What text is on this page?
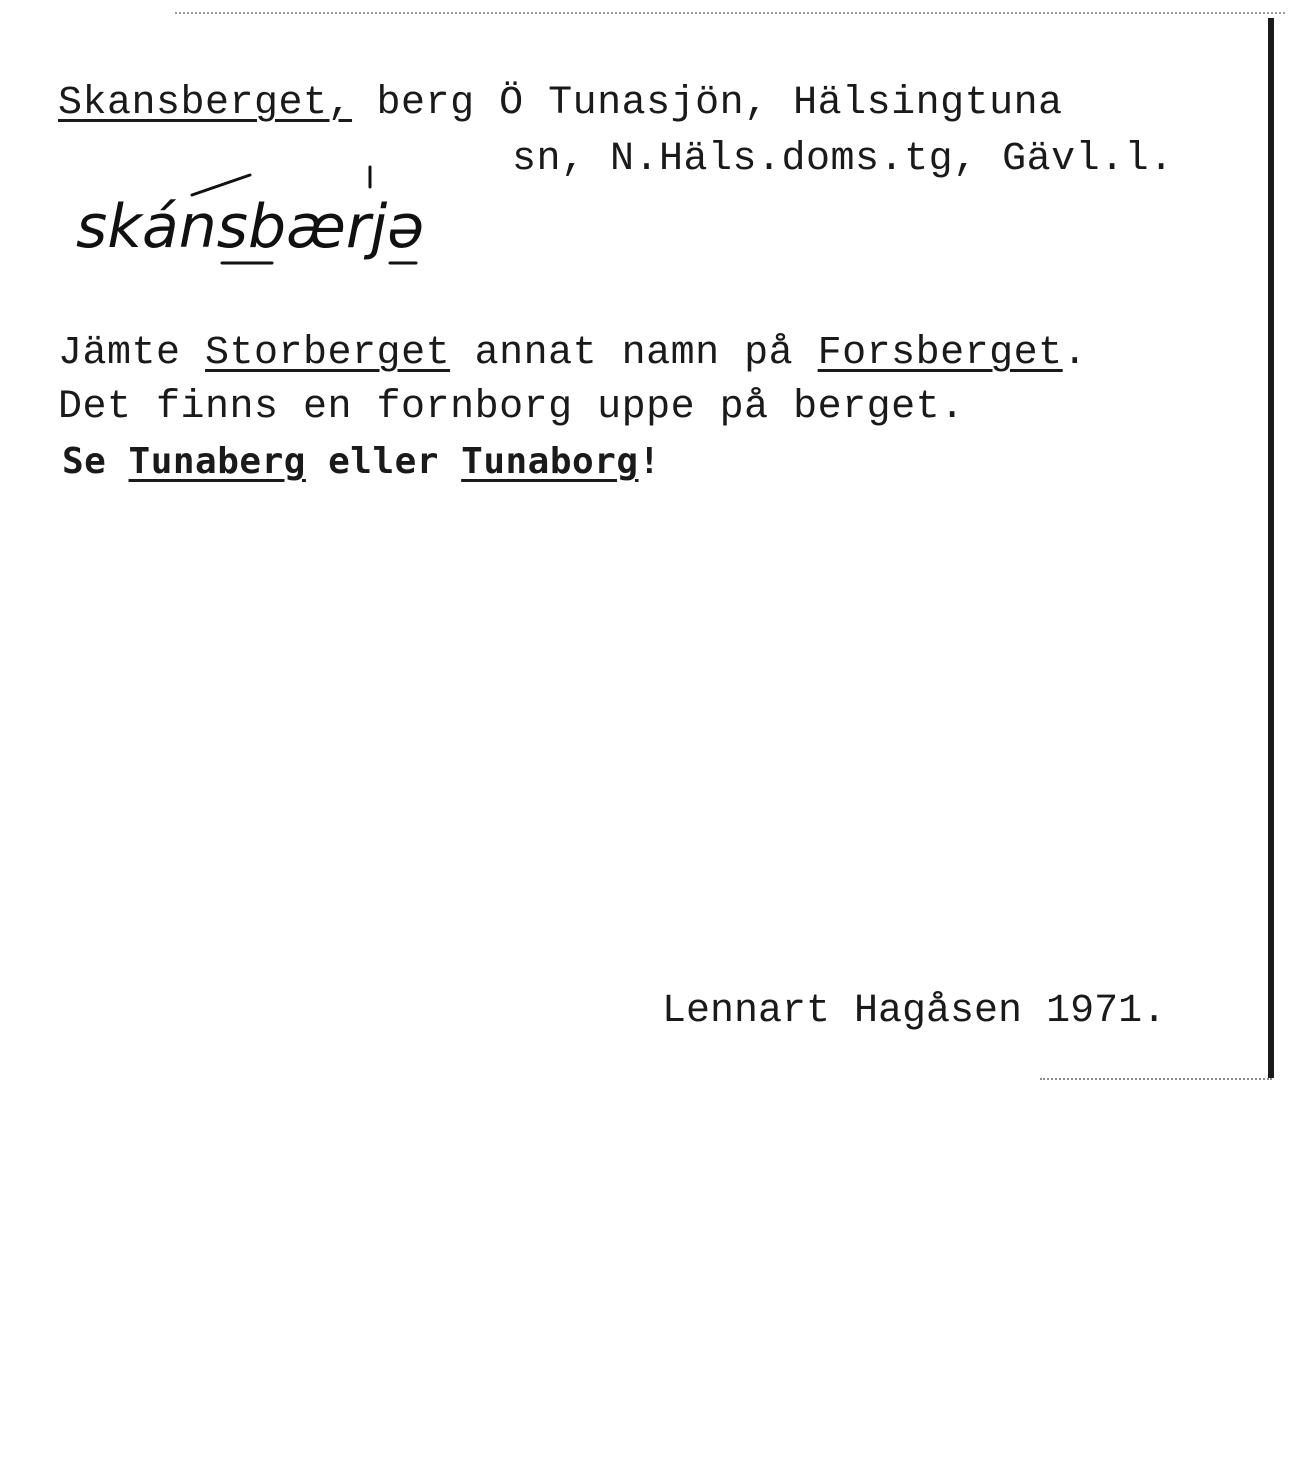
Skansberget, berg Ö Tunasjön, Hälsingtuna
sn, N.Häls.doms.tg, Gävl.l.
skánsbærjə
Jämte Storberget annat namn på Forsberget.
Det finns en fornborg uppe på berget.
Se Tunaberg eller Tunaborg!
Lennart Hagåsen 1971.
